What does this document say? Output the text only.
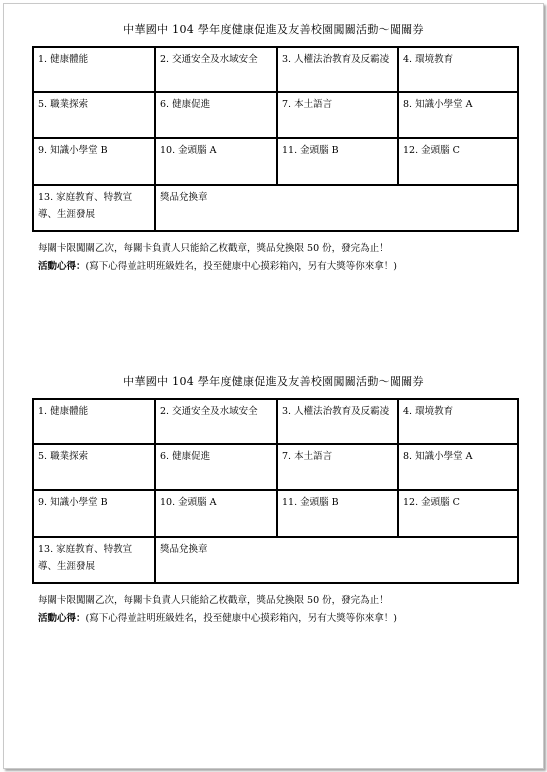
中華國中 104 學年度健康促進及友善校園闖關活動～闖關券
1. 健康體能	2. 交通安全及水域安全	3. 人權法治教育及反霸凌	4. 環境教育
5. 職業探索	6. 健康促進	7. 本土語言	8. 知識小學堂 A
9. 知識小學堂 B	10. 金頭腦 A	11. 金頭腦 B	12. 金頭腦 C
13. 家庭教育、特教宣導、生涯發展	獎品兌換章		
每關卡限闖關乙次，每關卡負責人只能給乙枚戳章，獎品兌換限 50 份，發完為止！
活動心得：(寫下心得並註明班級姓名，投至健康中心摸彩箱內，另有大獎等你來拿！)
中華國中 104 學年度健康促進及友善校園闖關活動～闖關券
1. 健康體能	2. 交通安全及水域安全	3. 人權法治教育及反霸凌	4. 環境教育
5. 職業探索	6. 健康促進	7. 本土語言	8. 知識小學堂 A
9. 知識小學堂 B	10. 金頭腦 A	11. 金頭腦 B	12. 金頭腦 C
13. 家庭教育、特教宣導、生涯發展	獎品兌換章		
每關卡限闖關乙次，每關卡負責人只能給乙枚戳章，獎品兌換限 50 份，發完為止！
活動心得：(寫下心得並註明班級姓名，投至健康中心摸彩箱內，另有大獎等你來拿！)
